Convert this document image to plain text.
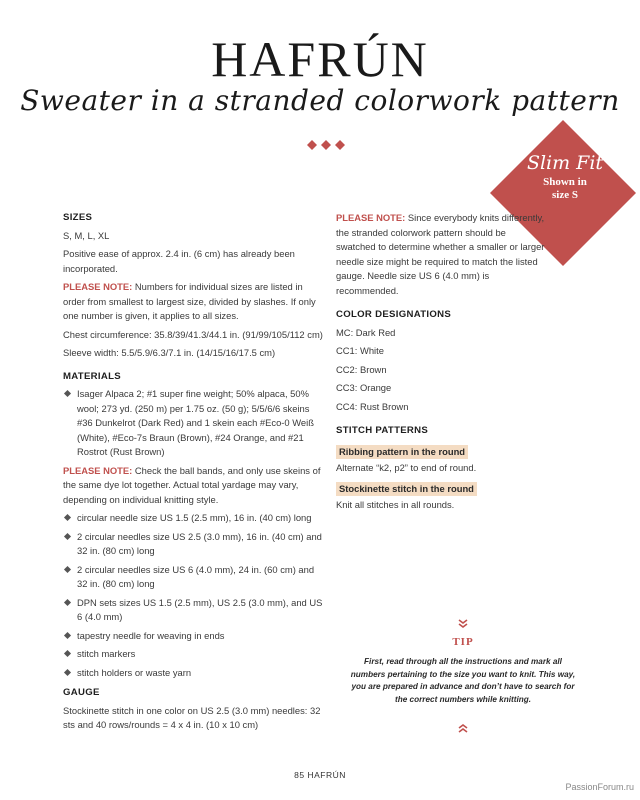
HAFRÚN
Sweater in a stranded colorwork pattern
Slim Fit
Shown in
size S
SIZES

S, M, L, XL

Positive ease of approx. 2.4 in. (6 cm) has already been incorporated.

PLEASE NOTE: Numbers for individual sizes are listed in order from smallest to largest size, divided by slashes. If only one number is given, it applies to all sizes.

Chest circumference: 35.8/39/41.3/44.1 in. (91/99/105/112 cm)

Sleeve width: 5.5/5.9/6.3/7.1 in. (14/15/16/17.5 cm)

MATERIALS
Isager Alpaca 2; #1 super fine weight; 50% alpaca, 50% wool; 273 yd. (250 m) per 1.75 oz. (50 g); 5/5/6/6 skeins #36 Dunkelrot (Dark Red) and 1 skein each #Eco-0 Weiß (White), #Eco-7s Braun (Brown), #24 Orange, and #21 Rostrot (Rust Brown)

PLEASE NOTE: Check the ball bands, and only use skeins of the same dye lot together. Actual total yardage may vary, depending on individual knitting style.

circular needle size US 1.5 (2.5 mm), 16 in. (40 cm) long
2 circular needles size US 2.5 (3.0 mm), 16 in. (40 cm) and 32 in. (80 cm) long
2 circular needles size US 6 (4.0 mm), 24 in. (60 cm) and 32 in. (80 cm) long
DPN sets sizes US 1.5 (2.5 mm), US 2.5 (3.0 mm), and US 6 (4.0 mm)
tapestry needle for weaving in ends
stitch markers
stitch holders or waste yarn
GAUGE

Stockinette stitch in one color on US 2.5 (3.0 mm) needles: 32 sts and 40 rows/rounds = 4 x 4 in. (10 x 10 cm)

PLEASE NOTE: Since everybody knits differently, the stranded colorwork pattern should be swatched to determine whether a smaller or larger needle size might be required to match the listed gauge. Needle size US 6 (4.0 mm) is recommended.

COLOR DESIGNATIONS

MC: Dark Red

CC1: White

CC2: Brown

CC3: Orange

CC4: Rust Brown

STITCH PATTERNS

Ribbing pattern in the round

Alternate “k2, p2” to end of round.

Stockinette stitch in the round

Knit all stitches in all rounds.

TIP
First, read through all the instructions and mark all numbers pertaining to the size you want to knit. This way, you are prepared in advance and don’t have to search for the correct numbers while knitting.
85 HAFRÚN
PassionForum.ru
